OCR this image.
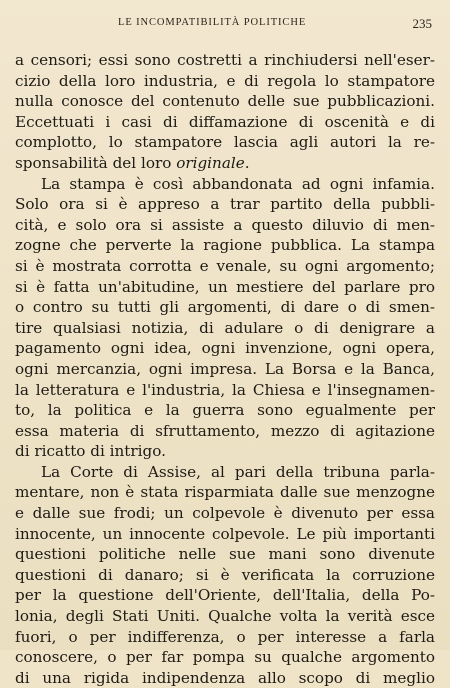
LE INCOMPATIBILITÀ POLITICHE	235
a censori; essi sono costretti a rinchiudersi nell'eser-
cizio della loro industria, e di regola lo stampatore
nulla conosce del contenuto delle sue pubblicazioni.
Eccettuati i casi di diffamazione di oscenità e di
complotto, lo stampatore lascia agli autori la re-
sponsabilità del loro originale.
La stampa è così abbandonata ad ogni infamia.
Solo ora si è appreso a trar partito della pubbli-
cità, e solo ora si assiste a questo diluvio di men-
zogne che perverte la ragione pubblica. La stampa
si è mostrata corrotta e venale, su ogni argomento;
si è fatta un'abitudine, un mestiere del parlare pro
o contro su tutti gli argomenti, di dare o di smen-
tire qualsiasi notizia, di adulare o di denigrare a
pagamento ogni idea, ogni invenzione, ogni opera,
ogni mercanzia, ogni impresa. La Borsa e la Banca,
la letteratura e l'industria, la Chiesa e l'insegnamen-
to, la politica e la guerra sono egualmente per
essa materia di sfruttamento, mezzo di agitazione
di ricatto di intrigo.
La Corte di Assise, al pari della tribuna parla-
mentare, non è stata risparmiata dalle sue menzogne
e dalle sue frodi; un colpevole è divenuto per essa
innocente, un innocente colpevole. Le più importanti
questioni politiche nelle sue mani sono divenute
questioni di danaro; si è verificata la corruzione
per la questione dell'Oriente, dell'Italia, della Po-
lonia, degli Stati Uniti. Qualche volta la verità esce
fuori, o per indifferenza, o per interesse a farla
conoscere, o per far pompa su qualche argomento
di una rigida indipendenza allo scopo di meglio
